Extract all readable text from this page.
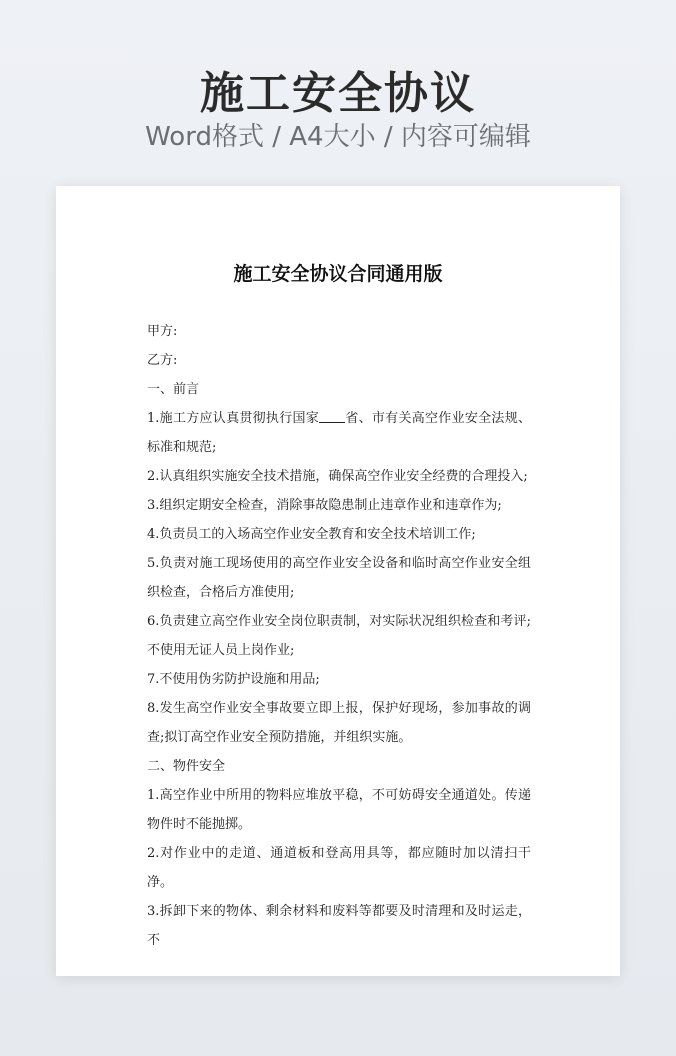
施工安全协议
Word格式 / A4大小 / 内容可编辑
施工安全协议合同通用版

甲方:

乙方:

一、前言

1.施工方应认真贯彻执行国家 省、市有关高空作业安全法规、标准和规范;

2.认真组织实施安全技术措施，确保高空作业安全经费的合理投入;

3.组织定期安全检查，消除事故隐患制止违章作业和违章作为;

4.负责员工的入场高空作业安全教育和安全技术培训工作;

5.负责对施工现场使用的高空作业安全设备和临时高空作业安全组织检查，合格后方准使用;

6.负责建立高空作业安全岗位职责制，对实际状况组织检查和考评;不使用无证人员上岗作业;

7.不使用伪劣防护设施和用品;

8.发生高空作业安全事故要立即上报，保护好现场，参加事故的调查;拟订高空作业安全预防措施，并组织实施。

二、物件安全

1.高空作业中所用的物料应堆放平稳，不可妨碍安全通道处。传递物件时不能抛掷。

2.对作业中的走道、通道板和登高用具等，都应随时加以清扫干净。

3.拆卸下来的物体、剩余材料和废料等都要及时清理和及时运走，不
